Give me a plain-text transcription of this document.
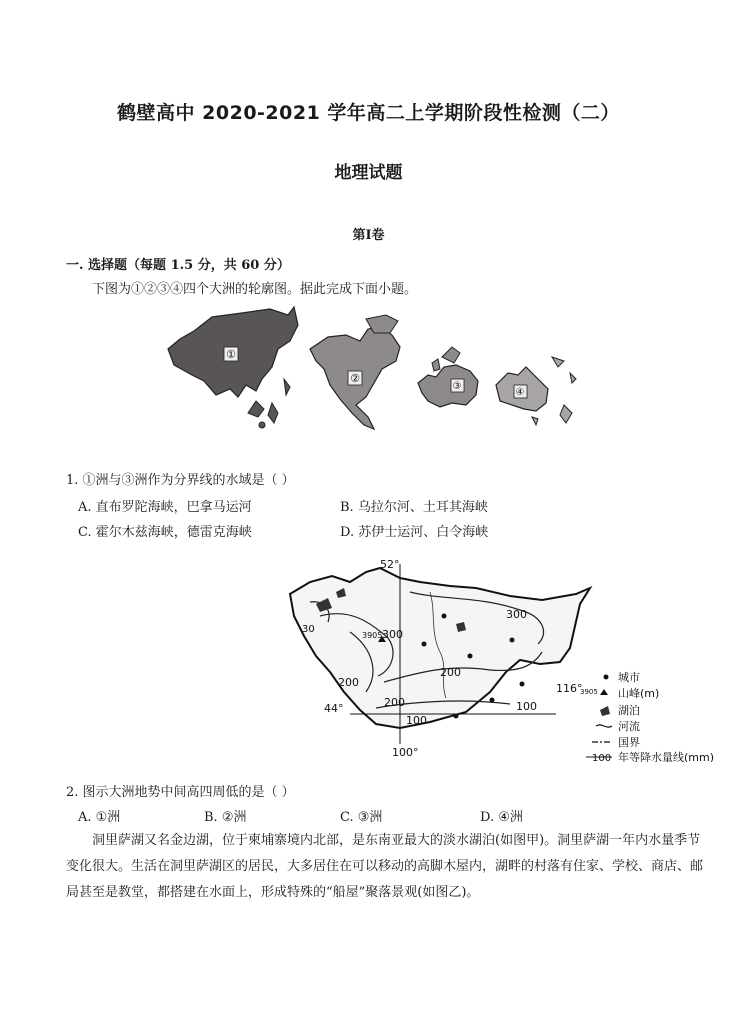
鹤壁高中 2020-2021 学年高二上学期阶段性检测（二）
地理试题
第Ⅰ卷
一. 选择题（每题 1.5 分，共 60 分）
下图为①②③④四个大洲的轮廓图。据此完成下面小题。
①
②
③
④
1. ①洲与③洲作为分界线的水域是（ ）
A. 直布罗陀海峡，巴拿马运河	B. 乌拉尔河、土耳其海峡
C. 霍尔木兹海峡，德雷克海峡	D. 苏伊士运河、白令海峡
52°
44°
100°
116°
3905 300
300
200
200
200
100
100
30
城市
3905 山峰(m)
湖泊
河流
国界
100 年等降水量线(mm)
2. 图示大洲地势中间高四周低的是（ ）
A. ①洲	B. ②洲	C. ③洲	D. ④洲
洞里萨湖又名金边湖，位于柬埔寨境内北部，是东南亚最大的淡水湖泊(如图甲)。洞里萨湖一年内水量季节变化很大。生活在洞里萨湖区的居民，大多居住在可以移动的高脚木屋内，湖畔的村落有住家、学校、商店、邮局甚至是教堂，都搭建在水面上，形成特殊的“船屋”聚落景观(如图乙)。
